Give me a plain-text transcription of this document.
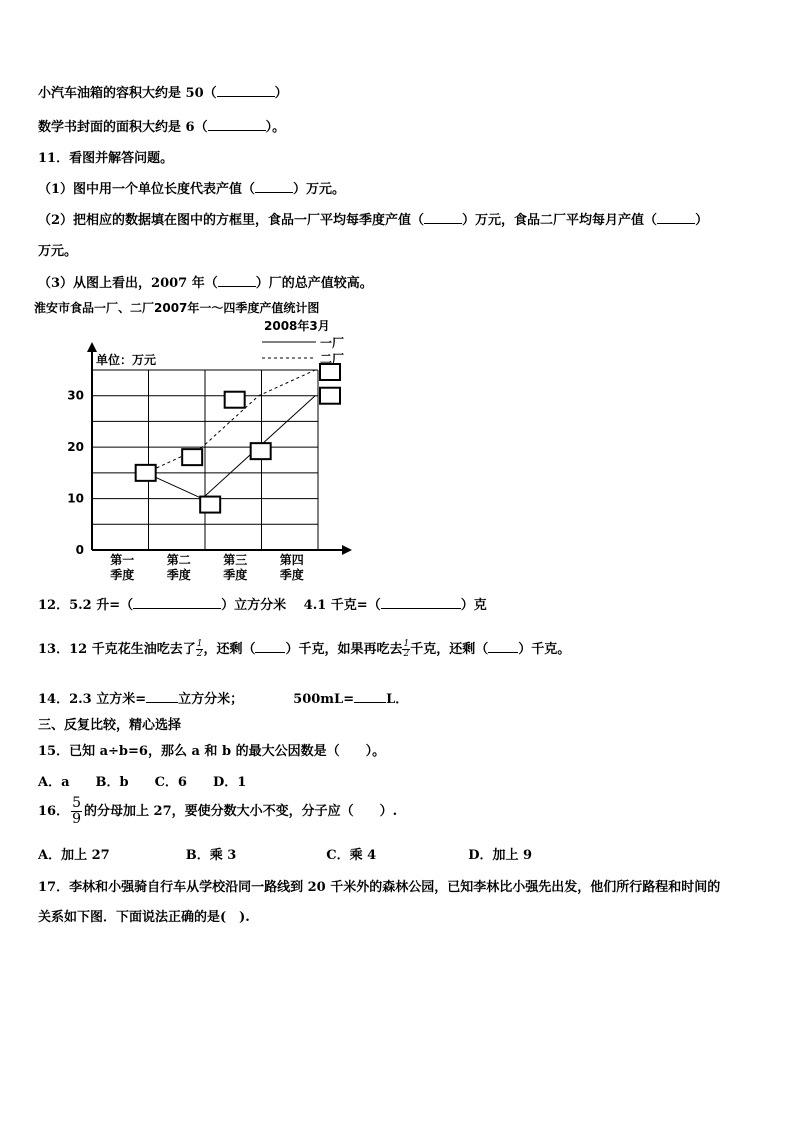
小汽车油箱的容积大约是 50（	）
数学书封面的面积大约是 6（	）。
11．看图并解答问题。
（1）图中用一个单位长度代表产值（	）万元。
（2）把相应的数据填在图中的方框里，食品一厂平均每季度产值（	）万元，食品二厂平均每月产值（	）
万元。
（3）从图上看出，2007 年（	）厂的总产值较高。
淮安市食品一厂、二厂2007年一～四季度产值统计图
2008年3月
单位：万元
0
10
20
30
第一
季度
第二
季度
第三
季度
第四
季度
一厂
二厂
12．5.2 升=（	）立方分米　 4.1 千克=（	）克
13．12 千克花生油吃去了 $\frac{1}{2}$ ，还剩（ ）千克，如果再吃去 $\frac{1}{2}$ 千克，还剩（ ）千克。
14．2.3 立方米= 立方分米；	500mL= L．
三、反复比较，精心选择
15．已知 a÷b=6，那么 a 和 b 的最大公因数是（　　）。
A．a　　B．b　　C．6　　D．1
16． $\frac{5}{9}$ 的分母加上 27，要使分数大小不变，分子应（　　）.
A．加上 27	B．乘 3	C．乘 4	D．加上 9
17．李林和小强骑自行车从学校沿同一路线到 20 千米外的森林公园，已知李林比小强先出发，他们所行路程和时间的
关系如下图．下面说法正确的是(　).
